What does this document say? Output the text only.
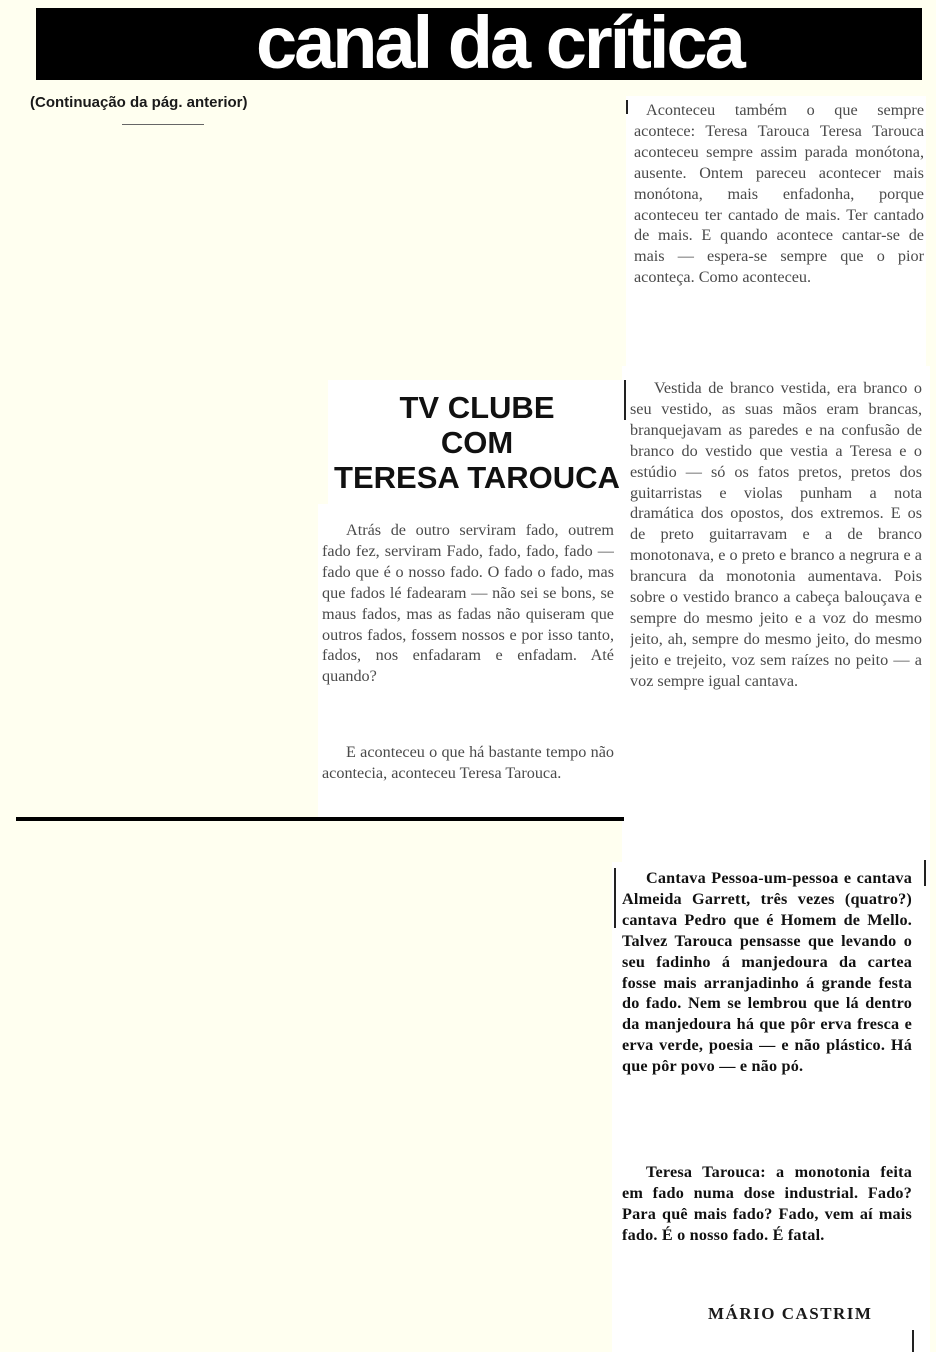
canal da crítica
(Continuação da pág. anterior)
TV CLUBE
COM
TERESA TAROUCA

Atrás de outro serviram fado, outrem fado fez, serviram Fado, fado, fado, fado — fado que é o nosso fado. O fado o fado, mas que fados lé fadearam — não sei se bons, se maus fados, mas as fadas não quiseram que outros fados, fossem nossos e por isso tanto, fados, nos enfadaram e enfadam. Até quando?

E aconteceu o que há bastante tempo não acontecia, aconteceu Teresa Tarouca.

Aconteceu também o que sempre acontece: Teresa Tarouca Teresa Tarouca aconteceu sempre assim parada monótona, ausente. Ontem pareceu acontecer mais monótona, mais enfadonha, porque aconteceu ter cantado de mais. Ter cantado de mais. E quando acontece cantar-se de mais — espera-se sempre que o pior aconteça. Como aconteceu.

Vestida de branco vestida, era branco o seu vestido, as suas mãos eram brancas, branquejavam as paredes e na confusão de branco do vestido que vestia a Teresa e o estúdio — só os fatos pretos, pretos dos guitarristas e violas punham a nota dramática dos opostos, dos extremos. E os de preto guitarravam e a de branco monotonava, e o preto e branco a negrura e a brancura da monotonia aumentava. Pois sobre o vestido branco a cabeça balouçava e sempre do mesmo jeito e a voz do mesmo jeito, ah, sempre do mesmo jeito, do mesmo jeito e trejeito, voz sem raízes no peito — a voz sempre igual cantava.

Cantava Pessoa-um-pessoa e cantava Almeida Garrett, três vezes (quatro?) cantava Pedro que é Homem de Mello. Talvez Tarouca pensasse que levando o seu fadinho á manjedoura da cartea fosse mais arranjadinho á grande festa do fado. Nem se lembrou que lá dentro da manjedoura há que pôr erva fresca e erva verde, poesia — e não plástico. Há que pôr povo — e não pó.

Teresa Tarouca: a monotonia feita em fado numa dose industrial. Fado? Para quê mais fado? Fado, vem aí mais fado. É o nosso fado. É fatal.

MÁRIO CASTRIM
